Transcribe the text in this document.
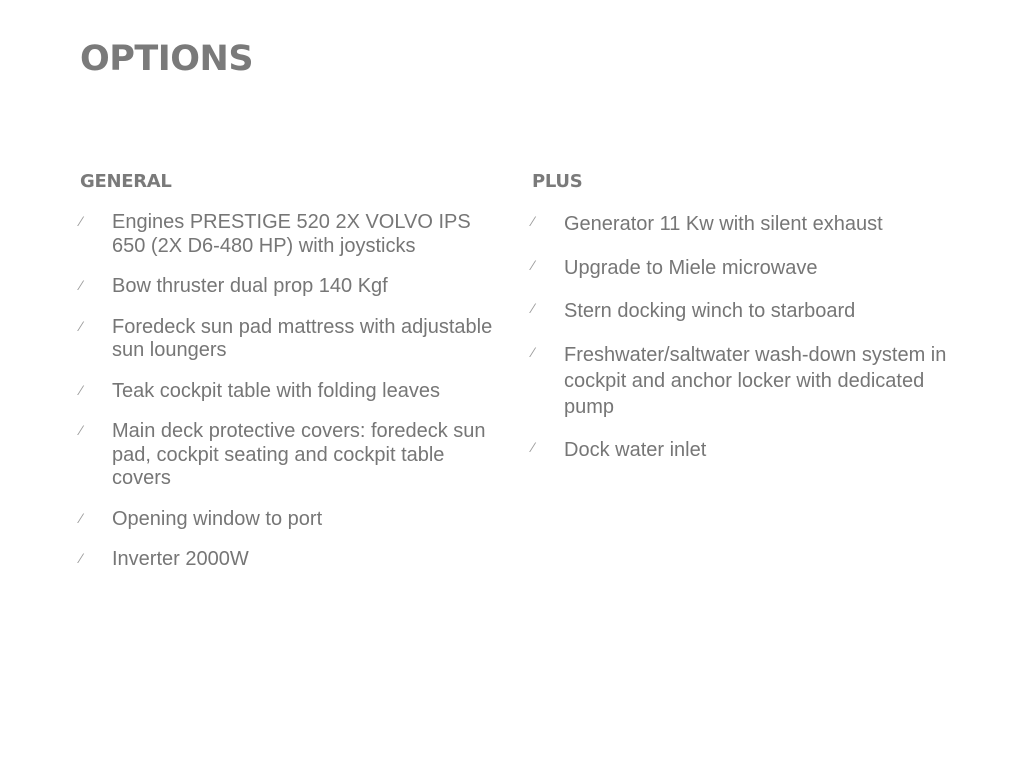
OPTIONS
GENERAL
⁄ Engines PRESTIGE 520 2X VOLVO IPS 650 (2X D6-480 HP) with joysticks
⁄ Bow thruster dual prop 140 Kgf
⁄ Foredeck sun pad mattress with adjustable sun loungers
⁄ Teak cockpit table with folding leaves
⁄ Main deck protective covers: foredeck sun pad, cockpit seating and cockpit table covers
⁄ Opening window to port
⁄ Inverter 2000W
PLUS
⁄ Generator 11 Kw with silent exhaust
⁄ Upgrade to Miele microwave
⁄ Stern docking winch to starboard
⁄ Freshwater/saltwater wash-down system in cockpit and anchor locker with dedicated pump
⁄ Dock water inlet
